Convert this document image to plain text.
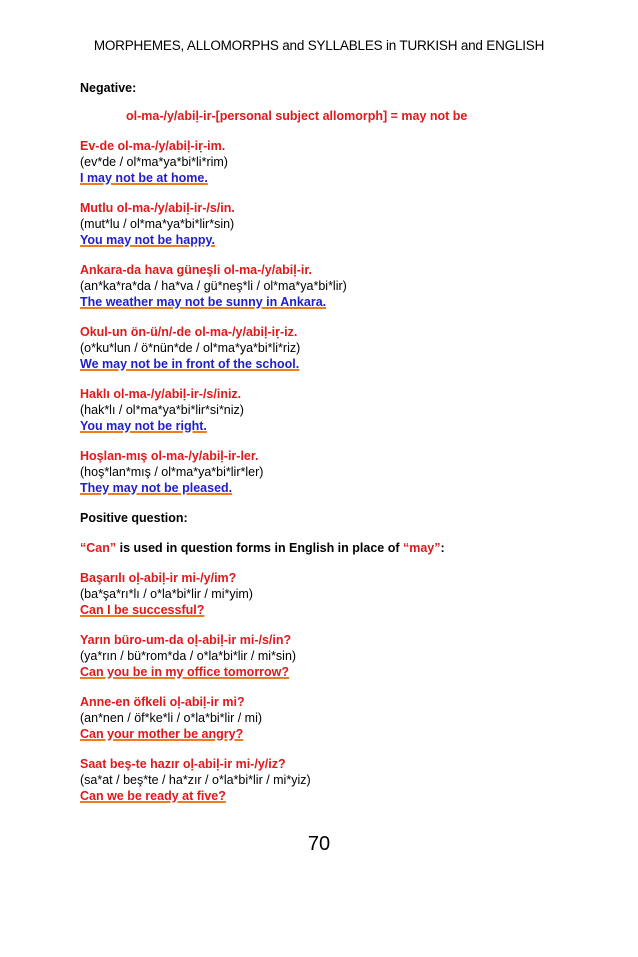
MORPHEMES, ALLOMORPHS and SYLLABLES in TURKISH and ENGLISH
Negative:
ol-ma-/y/abiḷ-ir-[personal subject allomorph] = may not be
Ev-de ol-ma-/y/abiḷ-iṛ-im.
(ev*de / ol*ma*ya*bi*li*rim)
I may not be at home.
Mutlu ol-ma-/y/abiḷ-ir-/s/in.
(mut*lu / ol*ma*ya*bi*lir*sin)
You may not be happy.
Ankara-da hava güneşli ol-ma-/y/abiḷ-ir.
(an*ka*ra*da / ha*va / gü*neş*li / ol*ma*ya*bi*lir)
The weather may not be sunny in Ankara.
Okul-un ön-ü/n/-de ol-ma-/y/abiḷ-iṛ-iz.
(o*ku*lun / ö*nün*de / ol*ma*ya*bi*li*riz)
We may not be in front of the school.
Haklı ol-ma-/y/abiḷ-ir-/s/iniz.
(hak*lı / ol*ma*ya*bi*lir*si*niz)
You may not be right.
Hoşlan-mış ol-ma-/y/abiḷ-ir-ler.
(hoş*lan*mış / ol*ma*ya*bi*lir*ler)
They may not be pleased.
Positive question:
“Can” is used in question forms in English in place of “may”:
Başarılı oḷ-abiḷ-ir mi-/y/im?
(ba*şa*rı*lı / o*la*bi*lir / mi*yim)
Can I be successful?
Yarın büro-um-da oḷ-abiḷ-ir mi-/s/in?
(ya*rın / bü*rom*da / o*la*bi*lir / mi*sin)
Can you be in my office tomorrow?
Anne-en öfkeli oḷ-abiḷ-ir mi?
(an*nen / öf*ke*li / o*la*bi*lir / mi)
Can your mother be angry?
Saat beş-te hazır oḷ-abiḷ-ir mi-/y/iz?
(sa*at / beş*te / ha*zır / o*la*bi*lir / mi*yiz)
Can we be ready at five?
70
